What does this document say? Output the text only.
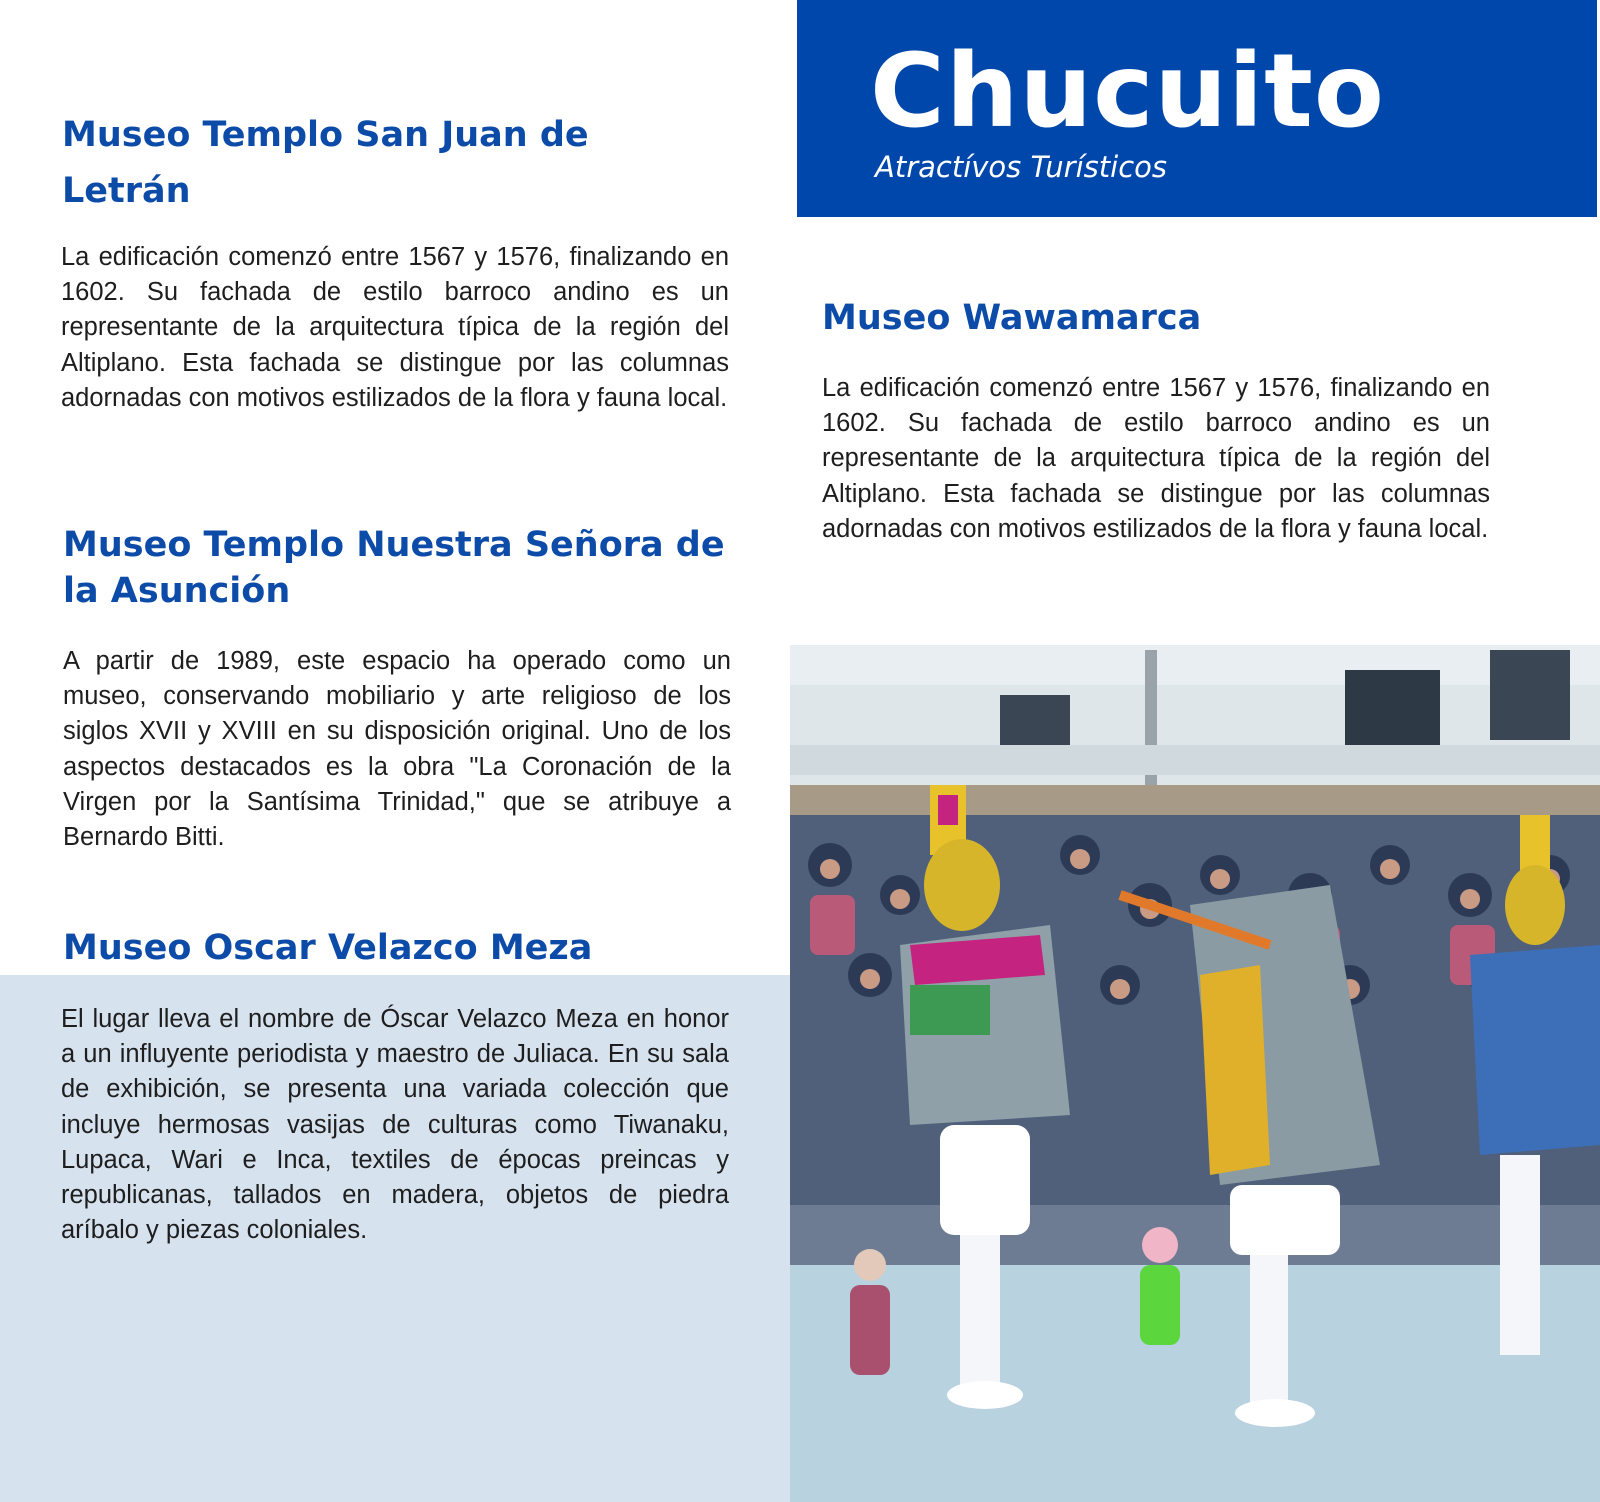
Chucuito
Atractívos Turísticos
Museo Templo San Juan de Letrán

La edificación comenzó entre 1567 y 1576, finalizando en 1602. Su fachada de estilo barroco andino es un representante de la arquitectura típica de la región del Altiplano. Esta fachada se distingue por las columnas adornadas con motivos estilizados de la flora y fauna local.

Museo Templo Nuestra Señora de la Asunción

A partir de 1989, este espacio ha operado como un museo, conservando mobiliario y arte religioso de los siglos XVII y XVIII en su disposición original. Uno de los aspectos destacados es la obra "La Coronación de la Virgen por la Santísima Trinidad," que se atribuye a Bernardo Bitti.

Museo Oscar Velazco Meza

El lugar lleva el nombre de Óscar Velazco Meza en honor a un influyente periodista y maestro de Juliaca. En su sala de exhibición, se presenta una variada colección que incluye hermosas vasijas de culturas como Tiwanaku, Lupaca, Wari e Inca, textiles de épocas preincas y republicanas, tallados en madera, objetos de piedra aríbalo y piezas coloniales.

Museo Wawamarca

La edificación comenzó entre 1567 y 1576, finalizando en 1602. Su fachada de estilo barroco andino es un representante de la arquitectura típica de la región del Altiplano. Esta fachada se distingue por las columnas adornadas con motivos estilizados de la flora y fauna local.
